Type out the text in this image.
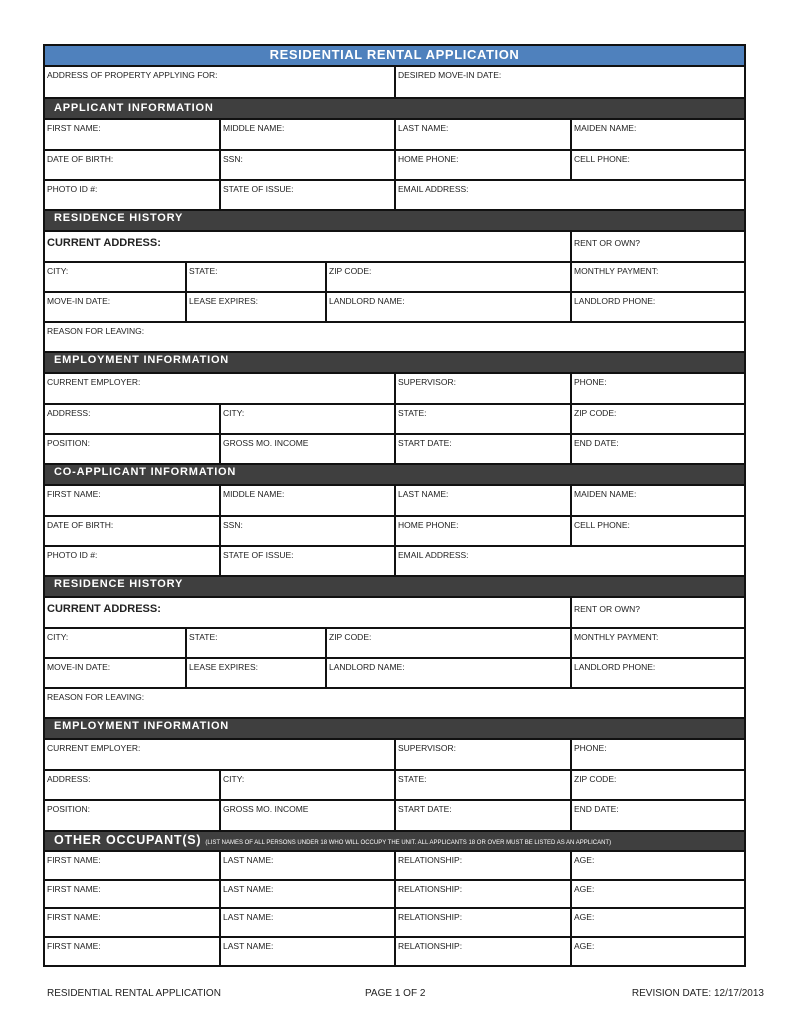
RESIDENTIAL RENTAL APPLICATION
ADDRESS OF PROPERTY APPLYING FOR:	DESIRED MOVE-IN DATE:
APPLICANT INFORMATION
FIRST NAME:	MIDDLE NAME:	LAST NAME:	MAIDEN NAME:
DATE OF BIRTH:	SSN:	HOME PHONE:	CELL PHONE:
PHOTO ID #:	STATE OF ISSUE:	EMAIL ADDRESS:
RESIDENCE HISTORY
CURRENT ADDRESS:	RENT OR OWN?
CITY:	STATE:	ZIP CODE:	MONTHLY PAYMENT:
MOVE-IN DATE:	LEASE EXPIRES:	LANDLORD NAME:	LANDLORD PHONE:
REASON FOR LEAVING:
EMPLOYMENT INFORMATION
CURRENT EMPLOYER:	SUPERVISOR:	PHONE:
ADDRESS:	CITY:	STATE:	ZIP CODE:
POSITION:	GROSS MO. INCOME	START DATE:	END DATE:
CO-APPLICANT INFORMATION
FIRST NAME:	MIDDLE NAME:	LAST NAME:	MAIDEN NAME:
DATE OF BIRTH:	SSN:	HOME PHONE:	CELL PHONE:
PHOTO ID #:	STATE OF ISSUE:	EMAIL ADDRESS:
RESIDENCE HISTORY
CURRENT ADDRESS:	RENT OR OWN?
CITY:	STATE:	ZIP CODE:	MONTHLY PAYMENT:
MOVE-IN DATE:	LEASE EXPIRES:	LANDLORD NAME:	LANDLORD PHONE:
REASON FOR LEAVING:
EMPLOYMENT INFORMATION
CURRENT EMPLOYER:	SUPERVISOR:	PHONE:
ADDRESS:	CITY:	STATE:	ZIP CODE:
POSITION:	GROSS MO. INCOME	START DATE:	END DATE:
OTHER OCCUPANT(S) (LIST NAMES OF ALL PERSONS UNDER 18 WHO WILL OCCUPY THE UNIT. ALL APPLICANTS 18 OR OVER MUST BE LISTED AS AN APPLICANT)
FIRST NAME:	LAST NAME:	RELATIONSHIP:	AGE:
FIRST NAME:	LAST NAME:	RELATIONSHIP:	AGE:
FIRST NAME:	LAST NAME:	RELATIONSHIP:	AGE:
FIRST NAME:	LAST NAME:	RELATIONSHIP:	AGE:
RESIDENTIAL RENTAL APPLICATION	PAGE 1 OF 2	REVISION DATE: 12/17/2013
